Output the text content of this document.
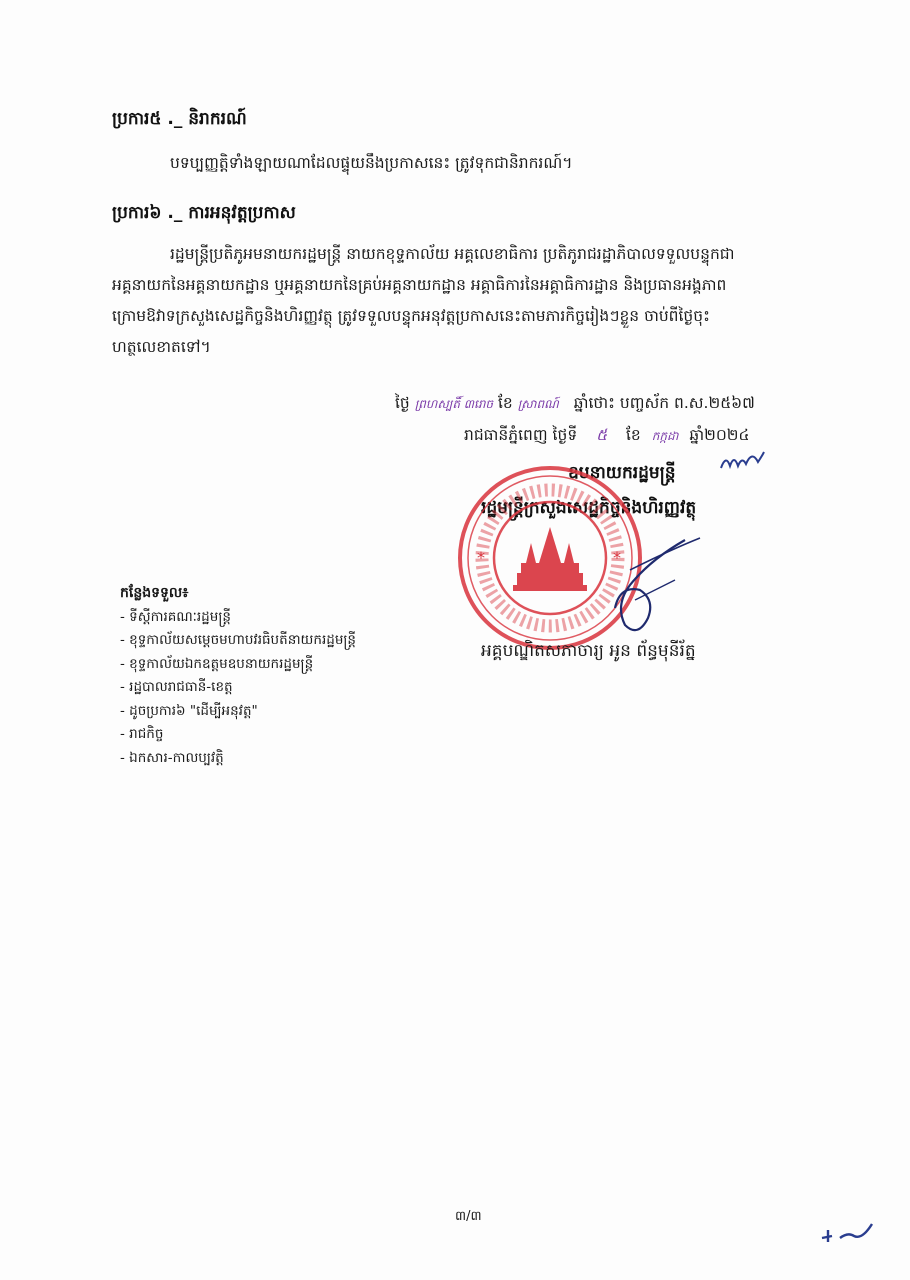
ប្រការ៥ ._ និរាករណ៍
បទប្បញ្ញត្តិទាំងឡាយណាដែលផ្ទុយនឹងប្រកាសនេះ ត្រូវទុកជានិរាករណ៍។
ប្រការ៦ ._ ការអនុវត្តប្រកាស
រដ្ឋមន្ត្រីប្រតិភូអមនាយករដ្ឋមន្ត្រី នាយកខុទ្ទកាល័យ អគ្គលេខាធិការ ប្រតិភូរាជរដ្ឋាភិបាលទទួលបន្ទុកជា
អគ្គនាយកនៃអគ្គនាយកដ្ឋាន ឬអគ្គនាយកនៃគ្រប់អគ្គនាយកដ្ឋាន អគ្គាធិការនៃអគ្គាធិការដ្ឋាន និងប្រធានអង្គភាព
ក្រោមឱវាទក្រសួងសេដ្ឋកិច្ចនិងហិរញ្ញវត្ថុ ត្រូវទទួលបន្ទុកអនុវត្តប្រកាសនេះតាមភារកិច្ចរៀងៗខ្លួន ចាប់ពីថ្ងៃចុះ
ហត្ថលេខាតទៅ។
ថ្ងៃ ព្រហស្បតិ៍ ៣រោច ខែ ស្រាពណ៍ ឆ្នាំថោះ បញ្ចស័ក ព.ស.២៥៦៧
រាជធានីភ្នំពេញ ថ្ងៃទី ៥ ខែ កក្កដា ឆ្នាំ២០២៤
ឧបនាយករដ្ឋមន្ត្រី
រដ្ឋមន្ត្រីក្រសួងសេដ្ឋកិច្ចនិងហិរញ្ញវត្ថុ
*	*
អគ្គបណ្ឌិតសភាចារ្យ អូន ព័ន្ធមុនីរ័ត្ន
កន្លែងទទួល៖
- ទីស្តីការគណៈរដ្ឋមន្ត្រី
- ខុទ្ទកាល័យសម្តេចមហាបវរធិបតីនាយករដ្ឋមន្ត្រី
- ខុទ្ទកាល័យឯកឧត្តមឧបនាយករដ្ឋមន្ត្រី
- រដ្ឋបាលរាជធានី-ខេត្ត
- ដូចប្រការ៦ "ដើម្បីអនុវត្ត"
- រាជកិច្ច
- ឯកសារ-កាលប្បវត្តិ
៣/៣
